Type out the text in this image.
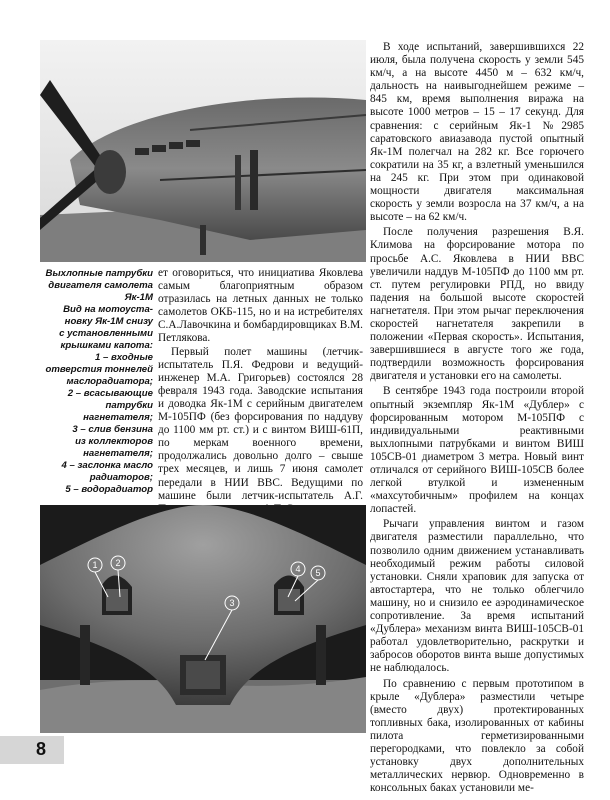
В ходе испытаний, завершившихся 22 июля, была получена скорость у земли 545 км/ч, а на высоте 4450 м – 632 км/ч, дальность на наивыгоднейшем режиме – 845 км, время выполнения виража на высоте 1000 метров – 15 – 17 секунд. Для сравнения: с серийным Як-1 №2985 саратовского авиазавода пустой опытный Як-1М полегчал на 282 кг. Все горючего сократили на 35 кг, а взлетный уменьшился на 245 кг. При этом при одинаковой мощности двигателя максимальная скорость у земли возросла на 37 км/ч, а на высоте – на 62 км/ч.

После получения разрешения В.Я. Климова на форсирование мотора по просьбе А.С. Яковлева в НИИ ВВС увеличили наддув М-105ПФ до 1100 мм рт. ст. путем регулировки РПД, но ввиду падения на большой высоте скоростей нагнетателя. При этом рычаг переключения скоростей нагнетателя закрепили в положении «Первая скорость». Испытания, завершившиеся в августе того же года, подтвердили возможность форсирования двигателя и установки его на самолеты.

В сентябре 1943 года построили второй опытный экземпляр Як-1М «Дублер» с форсированным мотором М-105ПФ с индивидуальными реактивными выхлопными патрубками и винтом ВИШ 105СВ-01 диаметром 3 метра. Новый винт отличался от серийного ВИШ-105СВ более легкой втулкой и измененным «махсутобичным» профилем на концах лопастей.

Рычаги управления винтом и газом двигателя разместили параллельно, что позволило одним движением устанавливать необходимый режим работы силовой установки. Сняли храповик для запуска от автостартера, что не только облегчило машину, но и снизило ее аэродинамическое сопротивление. За время испытаний «Дублера» механизм винта ВИШ-105СВ-01 работал удовлетворительно, раскрутки и забросов оборотов винта выше допустимых не наблюдалось.

По сравнению с первым прототипом в крыле «Дублера» разместили четыре (вместо двух) протектированных топливных бака, изолированных от кабины пилота герметизированными перегородками, что повлекло за собой установку двух дополнительных металлических нервюр. Одновременно в консольных баках установили ме-

Выхлопные патрубки двигателя самолета Як-1М

Вид на мотоуста-

новку Як-1М снизу

с установленными

крышками капота:

1 – входные

отверстия тоннелей

маслорадиатора;

2 – всасывающие

патрубки

нагнетателя;

3 – слив бензина

из коллекторов

нагнетателя;

4 – заслонка масло

радиаторов;

5 – водорадиатор

ет оговориться, что инициатива Яковлева самым благоприятным образом отразилась на летных данных не только самолетов ОКБ-115, но и на истребителях С.А.Лавочкина и бомбардировщиках В.М. Петлякова.

Первый полет машины (летчик-испытатель П.Я. Федрови и ведущий-инженер М.А. Григорьев) состоялся 28 февраля 1943 года. Заводские испытания и доводка Як-1М с серийным двигателем М-105ПФ (без форсирования по наддуву до 1100 мм рт. ст.) и с винтом ВИШ-61П, по меркам военного времени, продолжались довольно долго – свыше трех месяцев, и лишь 7 июня самолет передали в НИИ ВВС. Ведущими по машине были летчик-испытатель А.Г.

1 2
3
4 5
8
